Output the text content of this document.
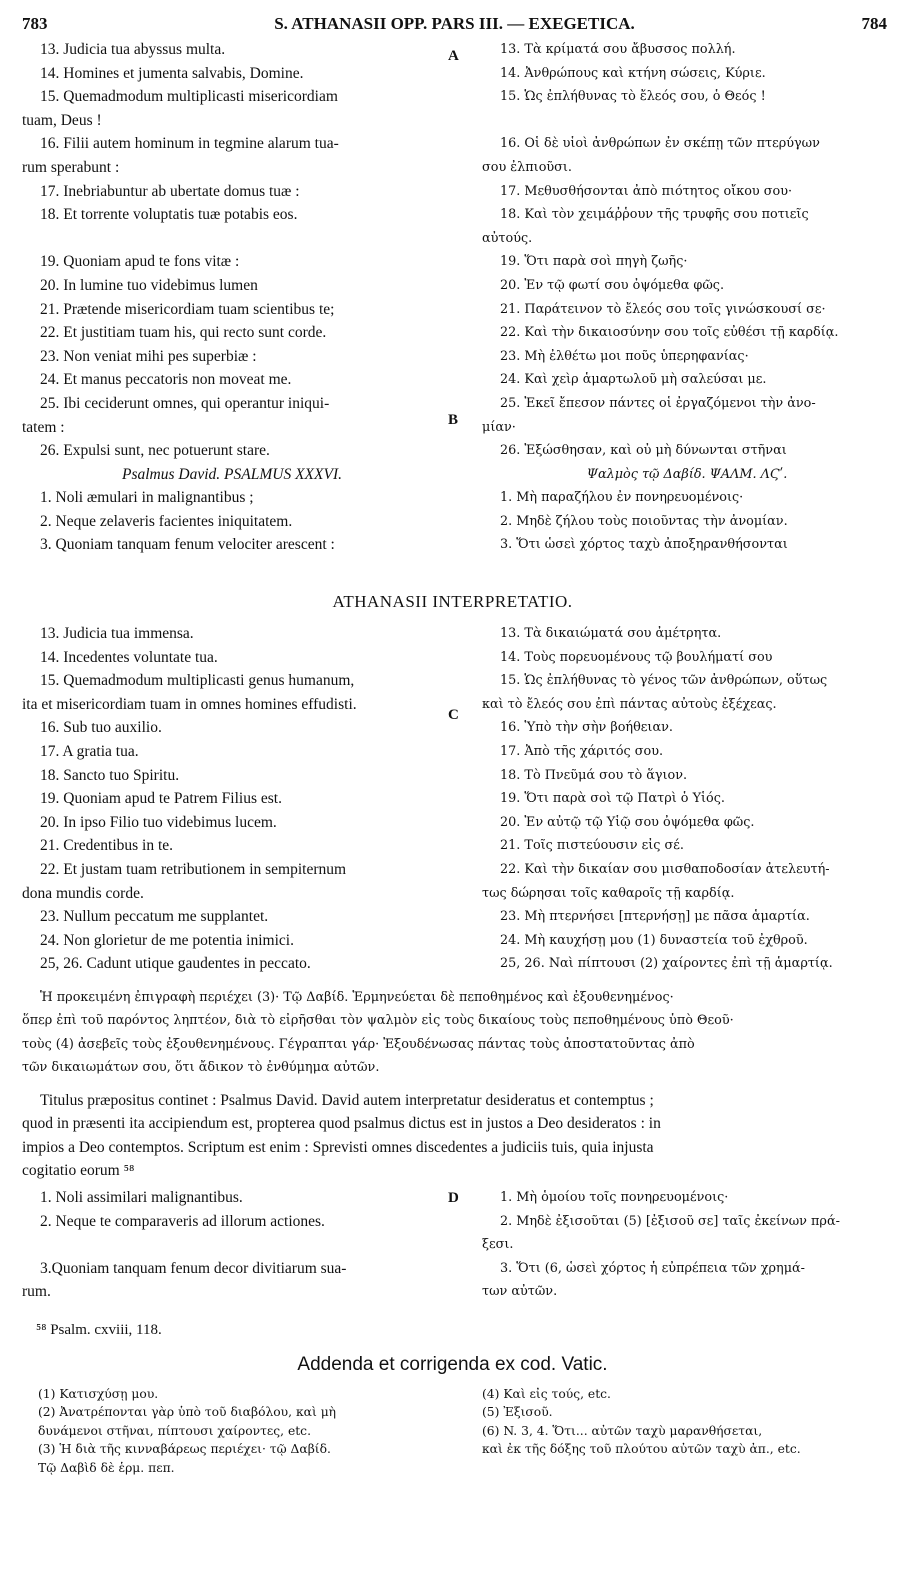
783	S. ATHANASII OPP. PARS III. — EXEGETICA.	784
A
B
C
D
13. Judicia tua abyssus multa.
14. Homines et jumenta salvabis, Domine.
15. Quemadmodum multiplicasti misericordiam
tuam, Deus !
16. Filii autem hominum in tegmine alarum tua-
rum sperabunt :
17. Inebriabuntur ab ubertate domus tuæ :
18. Et torrente voluptatis tuæ potabis eos.
19. Quoniam apud te fons vitæ :
20. In lumine tuo videbimus lumen
21. Prætende misericordiam tuam scientibus te;
22. Et justitiam tuam his, qui recto sunt corde.
23. Non veniat mihi pes superbiæ :
24. Et manus peccatoris non moveat me.
25. Ibi ceciderunt omnes, qui operantur iniqui-
tatem :
26. Expulsi sunt, nec potuerunt stare.
Psalmus David. PSALMUS XXXVI.
1. Noli æmulari in malignantibus ;
2. Neque zelaveris facientes iniquitatem.
3. Quoniam tanquam fenum velociter arescent :
13. Τὰ κρίματά σου ἄβυσσος πολλή.
14. Ἀνθρώπους καὶ κτήνη σώσεις, Κύριε.
15. Ὡς ἐπλήθυνας τὸ ἔλεός σου, ὁ Θεός !
16. Οἱ δὲ υἱοὶ ἀνθρώπων ἐν σκέπῃ τῶν πτερύγων
σου ἐλπιοῦσι.
17. Μεθυσθήσονται ἀπὸ πιότητος οἴκου σου·
18. Καὶ τὸν χειμάῤῥουν τῆς τρυφῆς σου ποτιεῖς
αὐτούς.
19. Ὅτι παρὰ σοὶ πηγὴ ζωῆς·
20. Ἐν τῷ φωτί σου ὀψόμεθα φῶς.
21. Παράτεινον τὸ ἔλεός σου τοῖς γινώσκουσί σε·
22. Καὶ τὴν δικαιοσύνην σου τοῖς εὐθέσι τῇ καρδίᾳ.
23. Μὴ ἐλθέτω μοι ποῦς ὑπερηφανίας·
24. Καὶ χεὶρ ἁμαρτωλοῦ μὴ σαλεύσαι με.
25. Ἐκεῖ ἔπεσον πάντες οἱ ἐργαζόμενοι τὴν ἀνο-
μίαν·
26. Ἐξώσθησαν, καὶ οὐ μὴ δύνωνται στῆναι
Ψαλμὸς τῷ Δαβίδ. ΨΑΛΜ. ΛϚʹ.
1. Μὴ παραζήλου ἐν πονηρευομένοις·
2. Μηδὲ ζήλου τοὺς ποιοῦντας τὴν ἀνομίαν.
3. Ὅτι ὡσεὶ χόρτος ταχὺ ἀποξηρανθήσονται
ATHANASII INTERPRETATIO.
13. Judicia tua immensa.
14. Incedentes voluntate tua.
15. Quemadmodum multiplicasti genus humanum,
ita et misericordiam tuam in omnes homines effudisti.
16. Sub tuo auxilio.
17. A gratia tua.
18. Sancto tuo Spiritu.
19. Quoniam apud te Patrem Filius est.
20. In ipso Filio tuo videbimus lucem.
21. Credentibus in te.
22. Et justam tuam retributionem in sempiternum
dona mundis corde.
23. Nullum peccatum me supplantet.
24. Non glorietur de me potentia inimici.
25, 26. Cadunt utique gaudentes in peccato.
13. Τὰ δικαιώματά σου ἀμέτρητα.
14. Τοὺς πορευομένους τῷ βουλήματί σου
15. Ὡς ἐπλήθυνας τὸ γένος τῶν ἀνθρώπων, οὕτως
καὶ τὸ ἔλεός σου ἐπὶ πάντας αὐτοὺς ἐξέχεας.
16. Ὑπὸ τὴν σὴν βοήθειαν.
17. Ἀπὸ τῆς χάριτός σου.
18. Τὸ Πνεῦμά σου τὸ ἅγιον.
19. Ὅτι παρὰ σοὶ τῷ Πατρὶ ὁ Υἱός.
20. Ἐν αὐτῷ τῷ Υἱῷ σου ὀψόμεθα φῶς.
21. Τοῖς πιστεύουσιν εἰς σέ.
22. Καὶ τὴν δικαίαν σου μισθαποδοσίαν ἀτελευτή-
τως δώρησαι τοῖς καθαροῖς τῇ καρδίᾳ.
23. Μὴ πτερνήσει [πτερνήσῃ] με πᾶσα ἁμαρτία.
24. Μὴ καυχήσῃ μου (1) δυναστεία τοῦ ἐχθροῦ.
25, 26. Ναὶ πίπτουσι (2) χαίροντες ἐπὶ τῇ ἁμαρτίᾳ.
Ἡ προκειμένη ἐπιγραφὴ περιέχει (3)· Τῷ Δαβίδ. Ἑρμηνεύεται δὲ πεποθημένος καὶ ἐξουθενημένος·
ὅπερ ἐπὶ τοῦ παρόντος ληπτέον, διὰ τὸ εἰρῆσθαι τὸν ψαλμὸν εἰς τοὺς δικαίους τοὺς πεποθημένους ὑπὸ Θεοῦ·
τοὺς (4) ἀσεβεῖς τοὺς ἐξουθενημένους. Γέγραπται γάρ· Ἐξουδένωσας πάντας τοὺς ἀποστατοῦντας ἀπὸ
τῶν δικαιωμάτων σου, ὅτι ἄδικον τὸ ἐνθύμημα αὐτῶν.
Titulus præpositus continet : Psalmus David. David autem interpretatur desideratus et contemptus ;
quod in præsenti ita accipiendum est, propterea quod psalmus dictus est in justos a Deo desideratos : in
impios a Deo contemptos. Scriptum est enim : Sprevisti omnes discedentes a judiciis tuis, quia injusta
cogitatio eorum ⁵⁸
1. Noli assimilari malignantibus.
2. Neque te comparaveris ad illorum actiones.
3.Quoniam tanquam fenum decor divitiarum sua-
rum.
1. Μὴ ὁμοίου τοῖς πονηρευομένοις·
2. Μηδὲ ἐξισοῦται (5) [ἐξισοῦ σε] ταῖς ἐκείνων πρά-
ξεσι.
3. Ὅτι (6, ὡσεὶ χόρτος ἡ εὐπρέπεια τῶν χρημά-
των αὐτῶν.
⁵⁸ Psalm. cxviii, 118.
Addenda et corrigenda ex cod. Vatic.
(1) Κατισχύσῃ μου.
(2) Ἀνατρέπονται γὰρ ὑπὸ τοῦ διαβόλου, καὶ μὴ
δυνάμενοι στῆναι, πίπτουσι χαίροντες, etc.
(3) Ἡ διὰ τῆς κινναβάρεως περιέχει· τῷ Δαβίδ.
Τῷ Δαβὶδ δὲ ἑρμ. πεπ.
(4) Καὶ εἰς τούς, etc.
(5) Ἐξισοῦ.
(6) N. 3, 4. Ὅτι... αὐτῶν ταχὺ μαρανθήσεται,
καὶ ἐκ τῆς δόξης τοῦ πλούτου αὐτῶν ταχὺ ἀπ., etc.
